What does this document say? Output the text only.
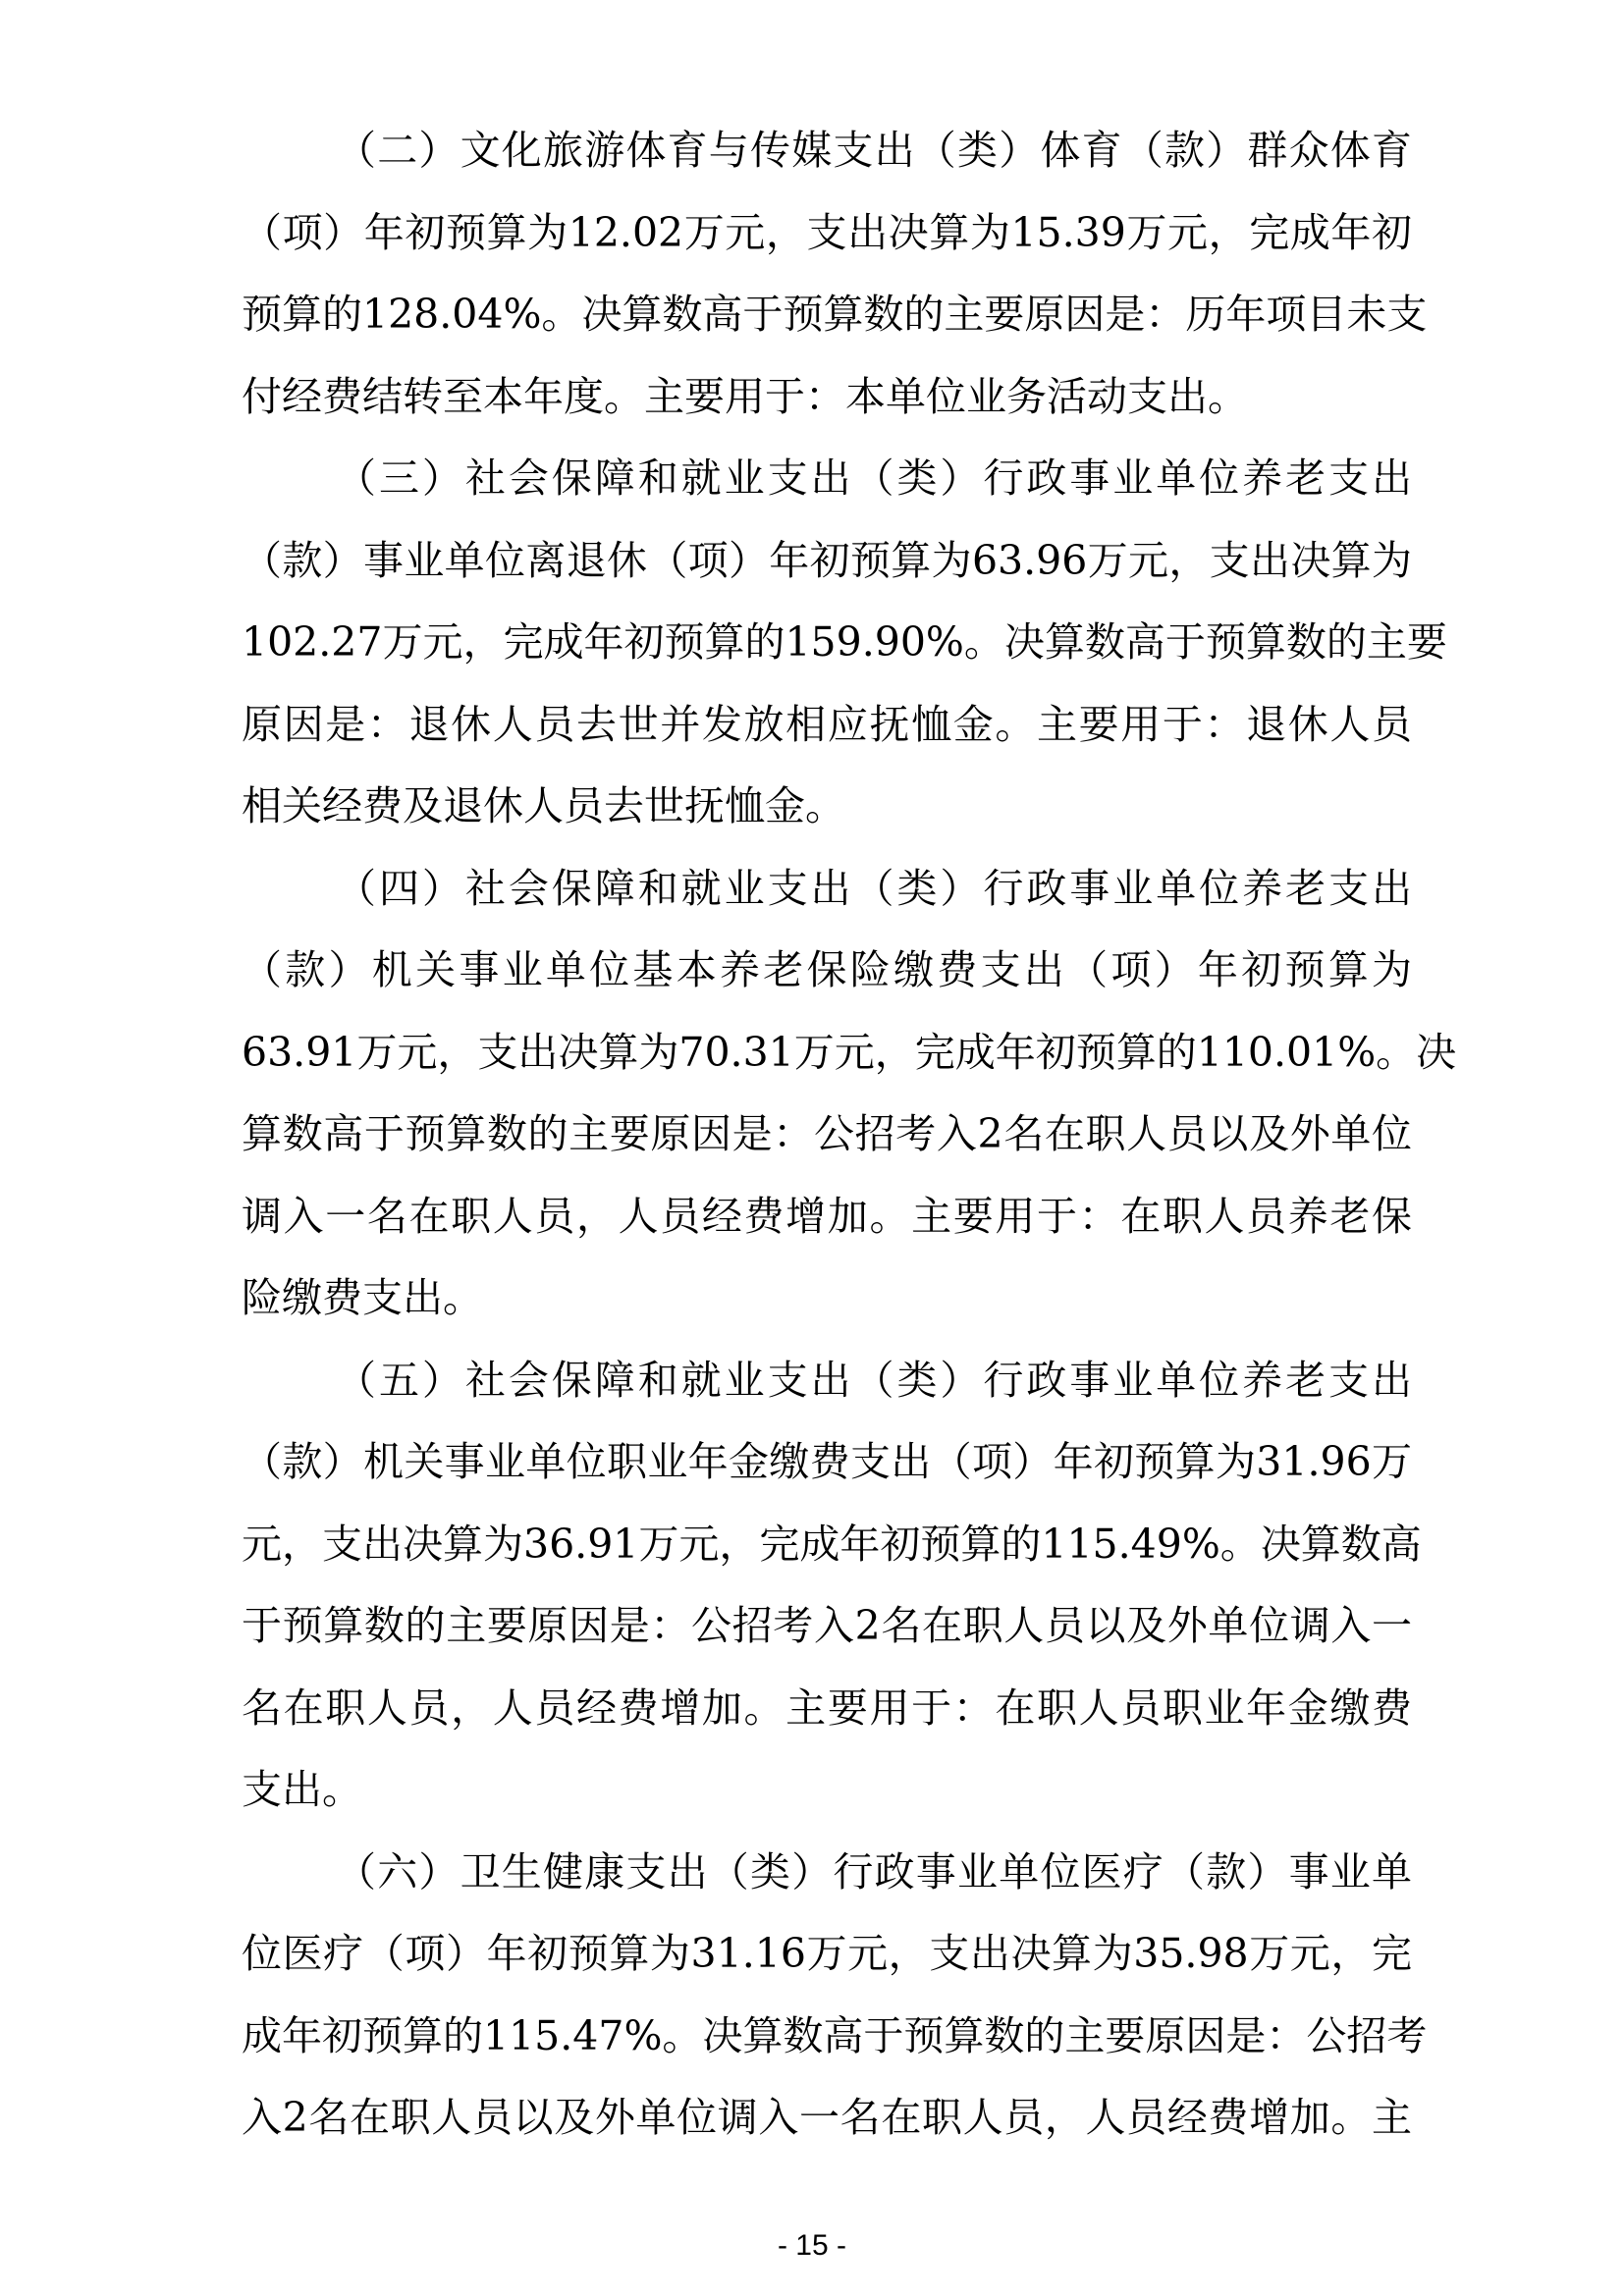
（二）文化旅游体育与传媒支出（类）体育（款）群众体育
（项）年初预算为12.02万元，支出决算为15.39万元，完成年初
预算的128.04%。决算数高于预算数的主要原因是：历年项目未支
付经费结转至本年度。主要用于：本单位业务活动支出。
（三）社会保障和就业支出（类）行政事业单位养老支出
（款）事业单位离退休（项）年初预算为63.96万元，支出决算为
102.27万元，完成年初预算的159.90%。决算数高于预算数的主要
原因是：退休人员去世并发放相应抚恤金。主要用于：退休人员
相关经费及退休人员去世抚恤金。
（四）社会保障和就业支出（类）行政事业单位养老支出
（款）机关事业单位基本养老保险缴费支出（项）年初预算为
63.91万元，支出决算为70.31万元，完成年初预算的110.01%。决
算数高于预算数的主要原因是：公招考入2名在职人员以及外单位
调入一名在职人员，人员经费增加。主要用于：在职人员养老保
险缴费支出。
（五）社会保障和就业支出（类）行政事业单位养老支出
（款）机关事业单位职业年金缴费支出（项）年初预算为31.96万
元，支出决算为36.91万元，完成年初预算的115.49%。决算数高
于预算数的主要原因是：公招考入2名在职人员以及外单位调入一
名在职人员，人员经费增加。主要用于：在职人员职业年金缴费
支出。
（六）卫生健康支出（类）行政事业单位医疗（款）事业单
位医疗（项）年初预算为31.16万元，支出决算为35.98万元，完
成年初预算的115.47%。决算数高于预算数的主要原因是：公招考
入2名在职人员以及外单位调入一名在职人员，人员经费增加。主
- 15 -
